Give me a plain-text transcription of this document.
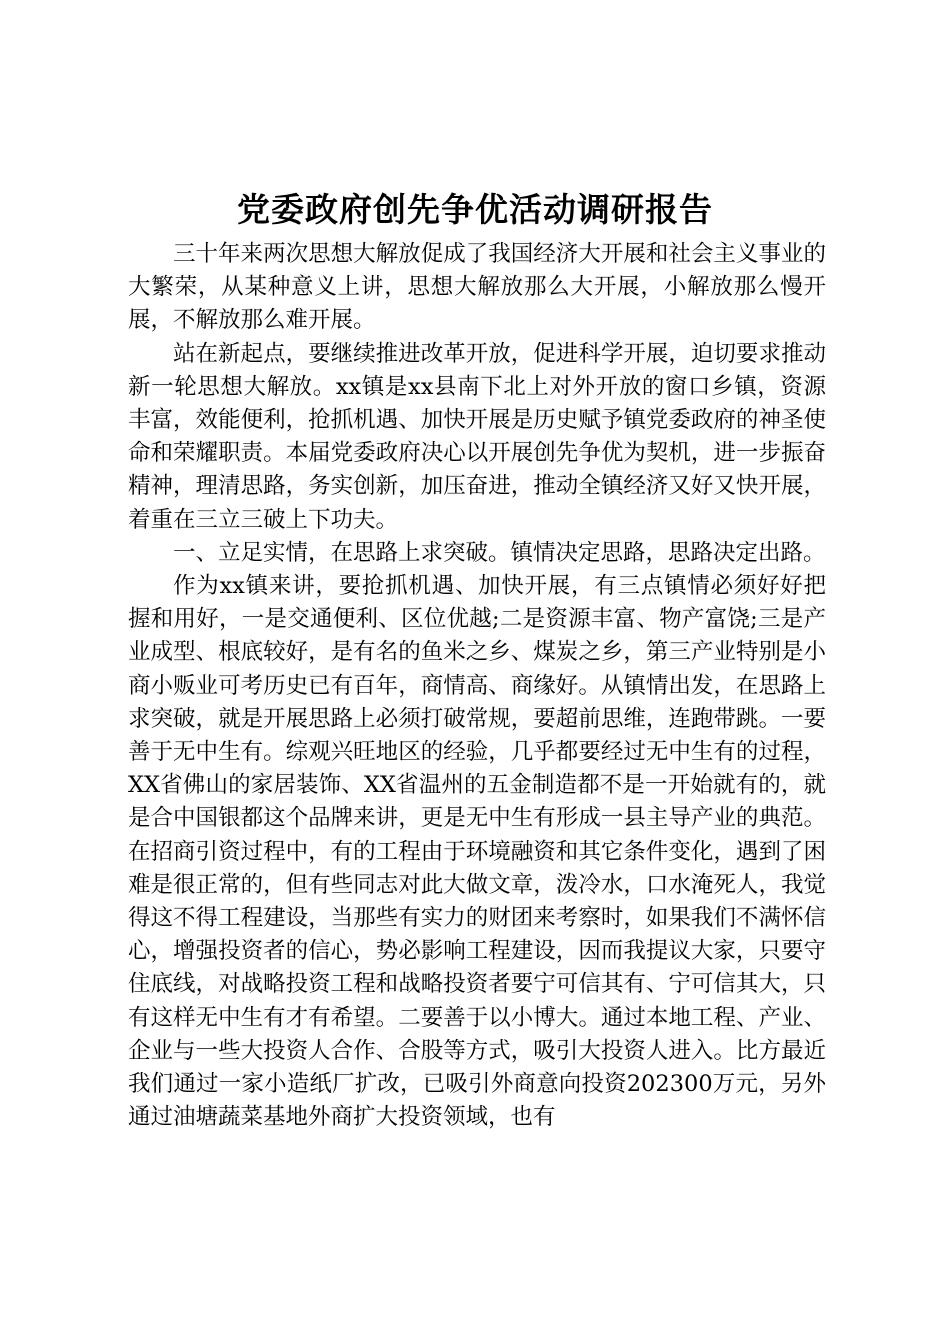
党委政府创先争优活动调研报告

三十年来两次思想大解放促成了我国经济大开展和社会主义事业的大繁荣，从某种意义上讲，思想大解放那么大开展，小解放那么慢开展，不解放那么难开展。

站在新起点，要继续推进改革开放，促进科学开展，迫切要求推动新一轮思想大解放。xx镇是xx县南下北上对外开放的窗口乡镇，资源丰富，效能便利，抢抓机遇、加快开展是历史赋予镇党委政府的神圣使命和荣耀职责。本届党委政府决心以开展创先争优为契机，进一步振奋精神，理清思路，务实创新，加压奋进，推动全镇经济又好又快开展，着重在三立三破上下功夫。

一、立足实情，在思路上求突破。镇情决定思路，思路决定出路。

作为xx镇来讲，要抢抓机遇、加快开展，有三点镇情必须好好把握和用好，一是交通便利、区位优越;二是资源丰富、物产富饶;三是产业成型、根底较好，是有名的鱼米之乡、煤炭之乡，第三产业特别是小商小贩业可考历史已有百年，商情高、商缘好。从镇情出发，在思路上求突破，就是开展思路上必须打破常规，要超前思维，连跑带跳。一要善于无中生有。综观兴旺地区的经验，几乎都要经过无中生有的过程，XX省佛山的家居装饰、XX省温州的五金制造都不是一开始就有的，就是合中国银都这个品牌来讲，更是无中生有形成一县主导产业的典范。在招商引资过程中，有的工程由于环境融资和其它条件变化，遇到了困难是很正常的，但有些同志对此大做文章，泼冷水，口水淹死人，我觉得这不得工程建设，当那些有实力的财团来考察时，如果我们不满怀信心，增强投资者的信心，势必影响工程建设，因而我提议大家，只要守住底线，对战略投资工程和战略投资者要宁可信其有、宁可信其大，只有这样无中生有才有希望。二要善于以小博大。通过本地工程、产业、企业与一些大投资人合作、合股等方式，吸引大投资人进入。比方最近我们通过一家小造纸厂扩改，已吸引外商意向投资202300万元，另外通过油塘蔬菜基地外商扩大投资领域，也有
